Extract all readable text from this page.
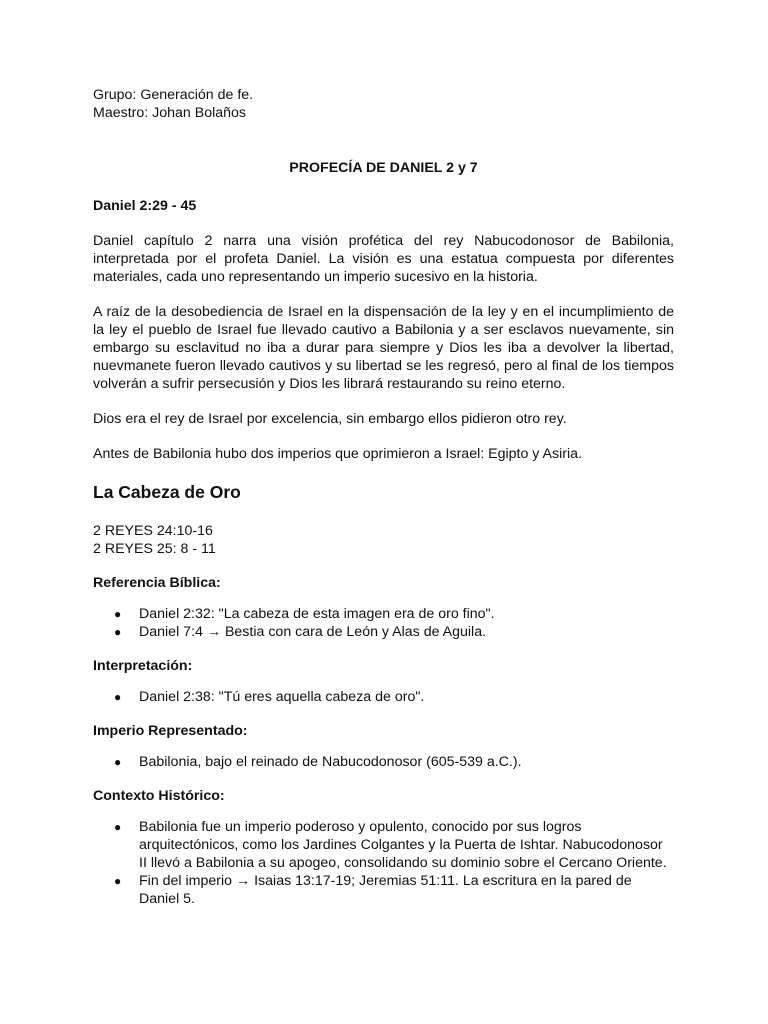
Grupo: Generación de fe.

Maestro: Johan Bolaños

PROFECÍA DE DANIEL 2 y 7

Daniel 2:29 - 45

Daniel capítulo 2 narra una visión profética del rey Nabucodonosor de Babilonia, interpretada por el profeta Daniel. La visión es una estatua compuesta por diferentes materiales, cada uno representando un imperio sucesivo en la historia.

A raíz de la desobediencia de Israel en la dispensación de la ley y en el incumplimiento de la ley el pueblo de Israel fue llevado cautivo a Babilonia y a ser esclavos nuevamente, sin embargo su esclavitud no iba a durar para siempre y Dios les iba a devolver la libertad, nuevmanete fueron llevado cautivos y su libertad se les regresó, pero al final de los tiempos volverán a sufrir persecusión y Dios les librará restaurando su reino eterno.

Dios era el rey de Israel por excelencia, sin embargo ellos pidieron otro rey.

Antes de Babilonia hubo dos imperios que oprimieron a Israel: Egipto y Asiria.

La Cabeza de Oro

2 REYES 24:10-16

2 REYES 25: 8 - 11

Referencia Bíblica:

● Daniel 2:32: "La cabeza de esta imagen era de oro fino".
● Daniel 7:4 → Bestia con cara de León y Alas de Aguila.

Interpretación:

● Daniel 2:38: "Tú eres aquella cabeza de oro".

Imperio Representado:

● Babilonia, bajo el reinado de Nabucodonosor (605-539 a.C.).

Contexto Histórico:

● Babilonia fue un imperio poderoso y opulento, conocido por sus logros arquitectónicos, como los Jardines Colgantes y la Puerta de Ishtar. Nabucodonosor II llevó a Babilonia a su apogeo, consolidando su dominio sobre el Cercano Oriente.
● Fin del imperio → Isaias 13:17-19; Jeremias 51:11. La escritura en la pared de Daniel 5.
